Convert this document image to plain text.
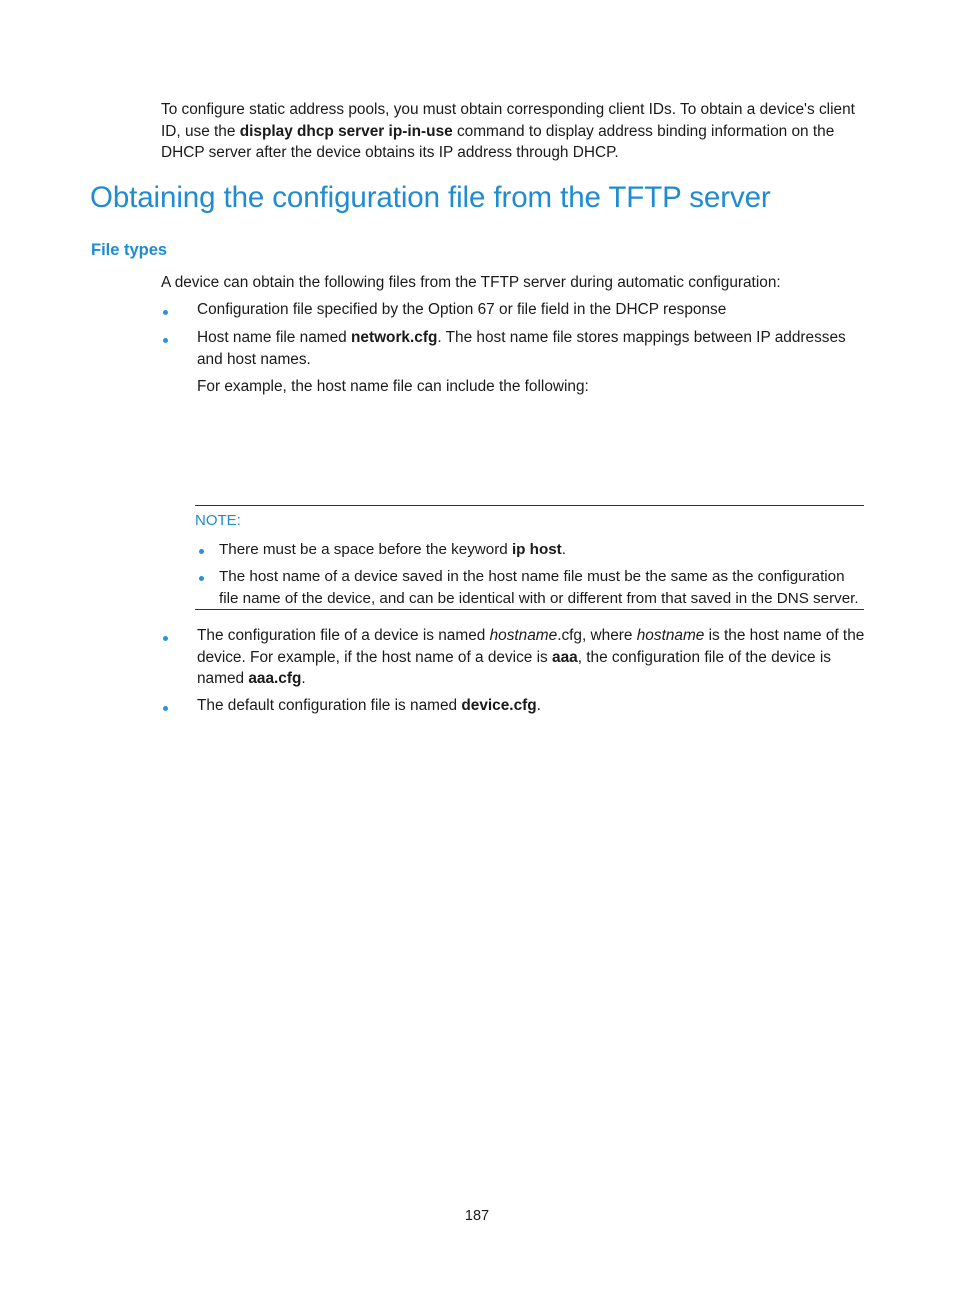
To configure static address pools, you must obtain corresponding client IDs. To obtain a device's client ID, use the display dhcp server ip-in-use command to display address binding information on the DHCP server after the device obtains its IP address through DHCP.

Obtaining the configuration file from the TFTP server
File types

A device can obtain the following files from the TFTP server during automatic configuration:

Configuration file specified by the Option 67 or file field in the DHCP response

Host name file named network.cfg. The host name file stores mappings between IP addresses and host names.

For example, the host name file can include the following:

NOTE:

There must be a space before the keyword ip host.

The host name of a device saved in the host name file must be the same as the configuration file name of the device, and can be identical with or different from that saved in the DNS server.

The configuration file of a device is named hostname.cfg, where hostname is the host name of the device. For example, if the host name of a device is aaa, the configuration file of the device is named aaa.cfg.

The default configuration file is named device.cfg.

187
